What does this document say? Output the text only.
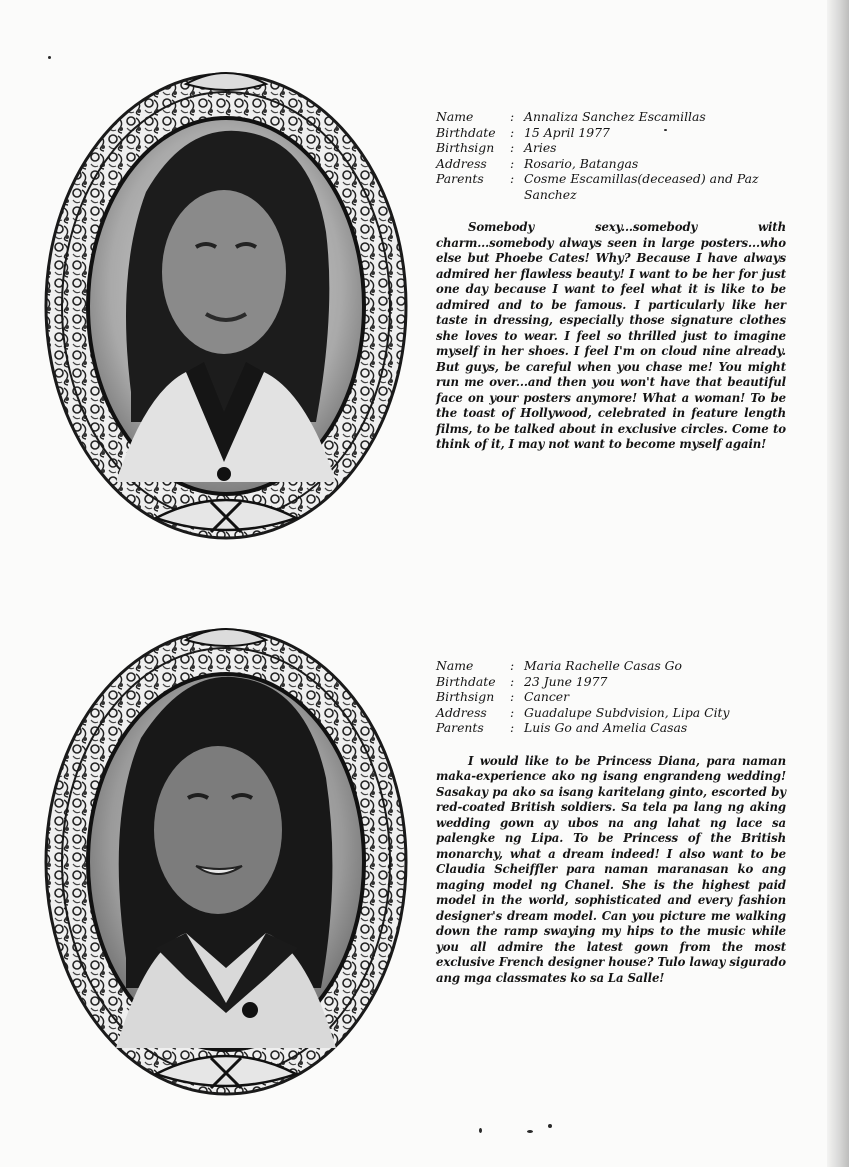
Name	:	Annaliza Sanchez Escamillas
Birthdate	:	15 April 1977
Birthsign	:	Aries
Address	:	Rosario, Batangas
Parents	:	Cosme Escamillas(deceased) and Paz Sanchez

Somebody sexy...somebody with charm...somebody always seen in large posters...who else but Phoebe Cates! Why? Because I have always admired her flawless beauty! I want to be her for just one day because I want to feel what it is like to be admired and to be famous. I particularly like her taste in dressing, especially those signature clothes she loves to wear. I feel so thrilled just to imagine myself in her shoes. I feel I'm on cloud nine already. But guys, be careful when you chase me! You might run me over...and then you won't have that beautiful face on your posters anymore! What a woman! To be the toast of Hollywood, celebrated in feature length films, to be talked about in exclusive circles. Come to think of it, I may not want to become myself again!

Name	:	Maria Rachelle Casas Go
Birthdate	:	23 June 1977
Birthsign	:	Cancer
Address	:	Guadalupe Subdvision, Lipa City
Parents	:	Luis Go and Amelia Casas

I would like to be Princess Diana, para naman maka-experience ako ng isang engrandeng wedding! Sasakay pa ako sa isang karitelang ginto, escorted by red-coated British soldiers. Sa tela pa lang ng aking wedding gown ay ubos na ang lahat ng lace sa palengke ng Lipa. To be Princess of the British monarchy, what a dream indeed! I also want to be Claudia Scheiffler para naman maranasan ko ang maging model ng Chanel. She is the highest paid model in the world, sophisticated and every fashion designer's dream model. Can you picture me walking down the ramp swaying my hips to the music while you all admire the latest gown from the most exclusive French designer house? Tulo laway sigurado ang mga classmates ko sa La Salle!
